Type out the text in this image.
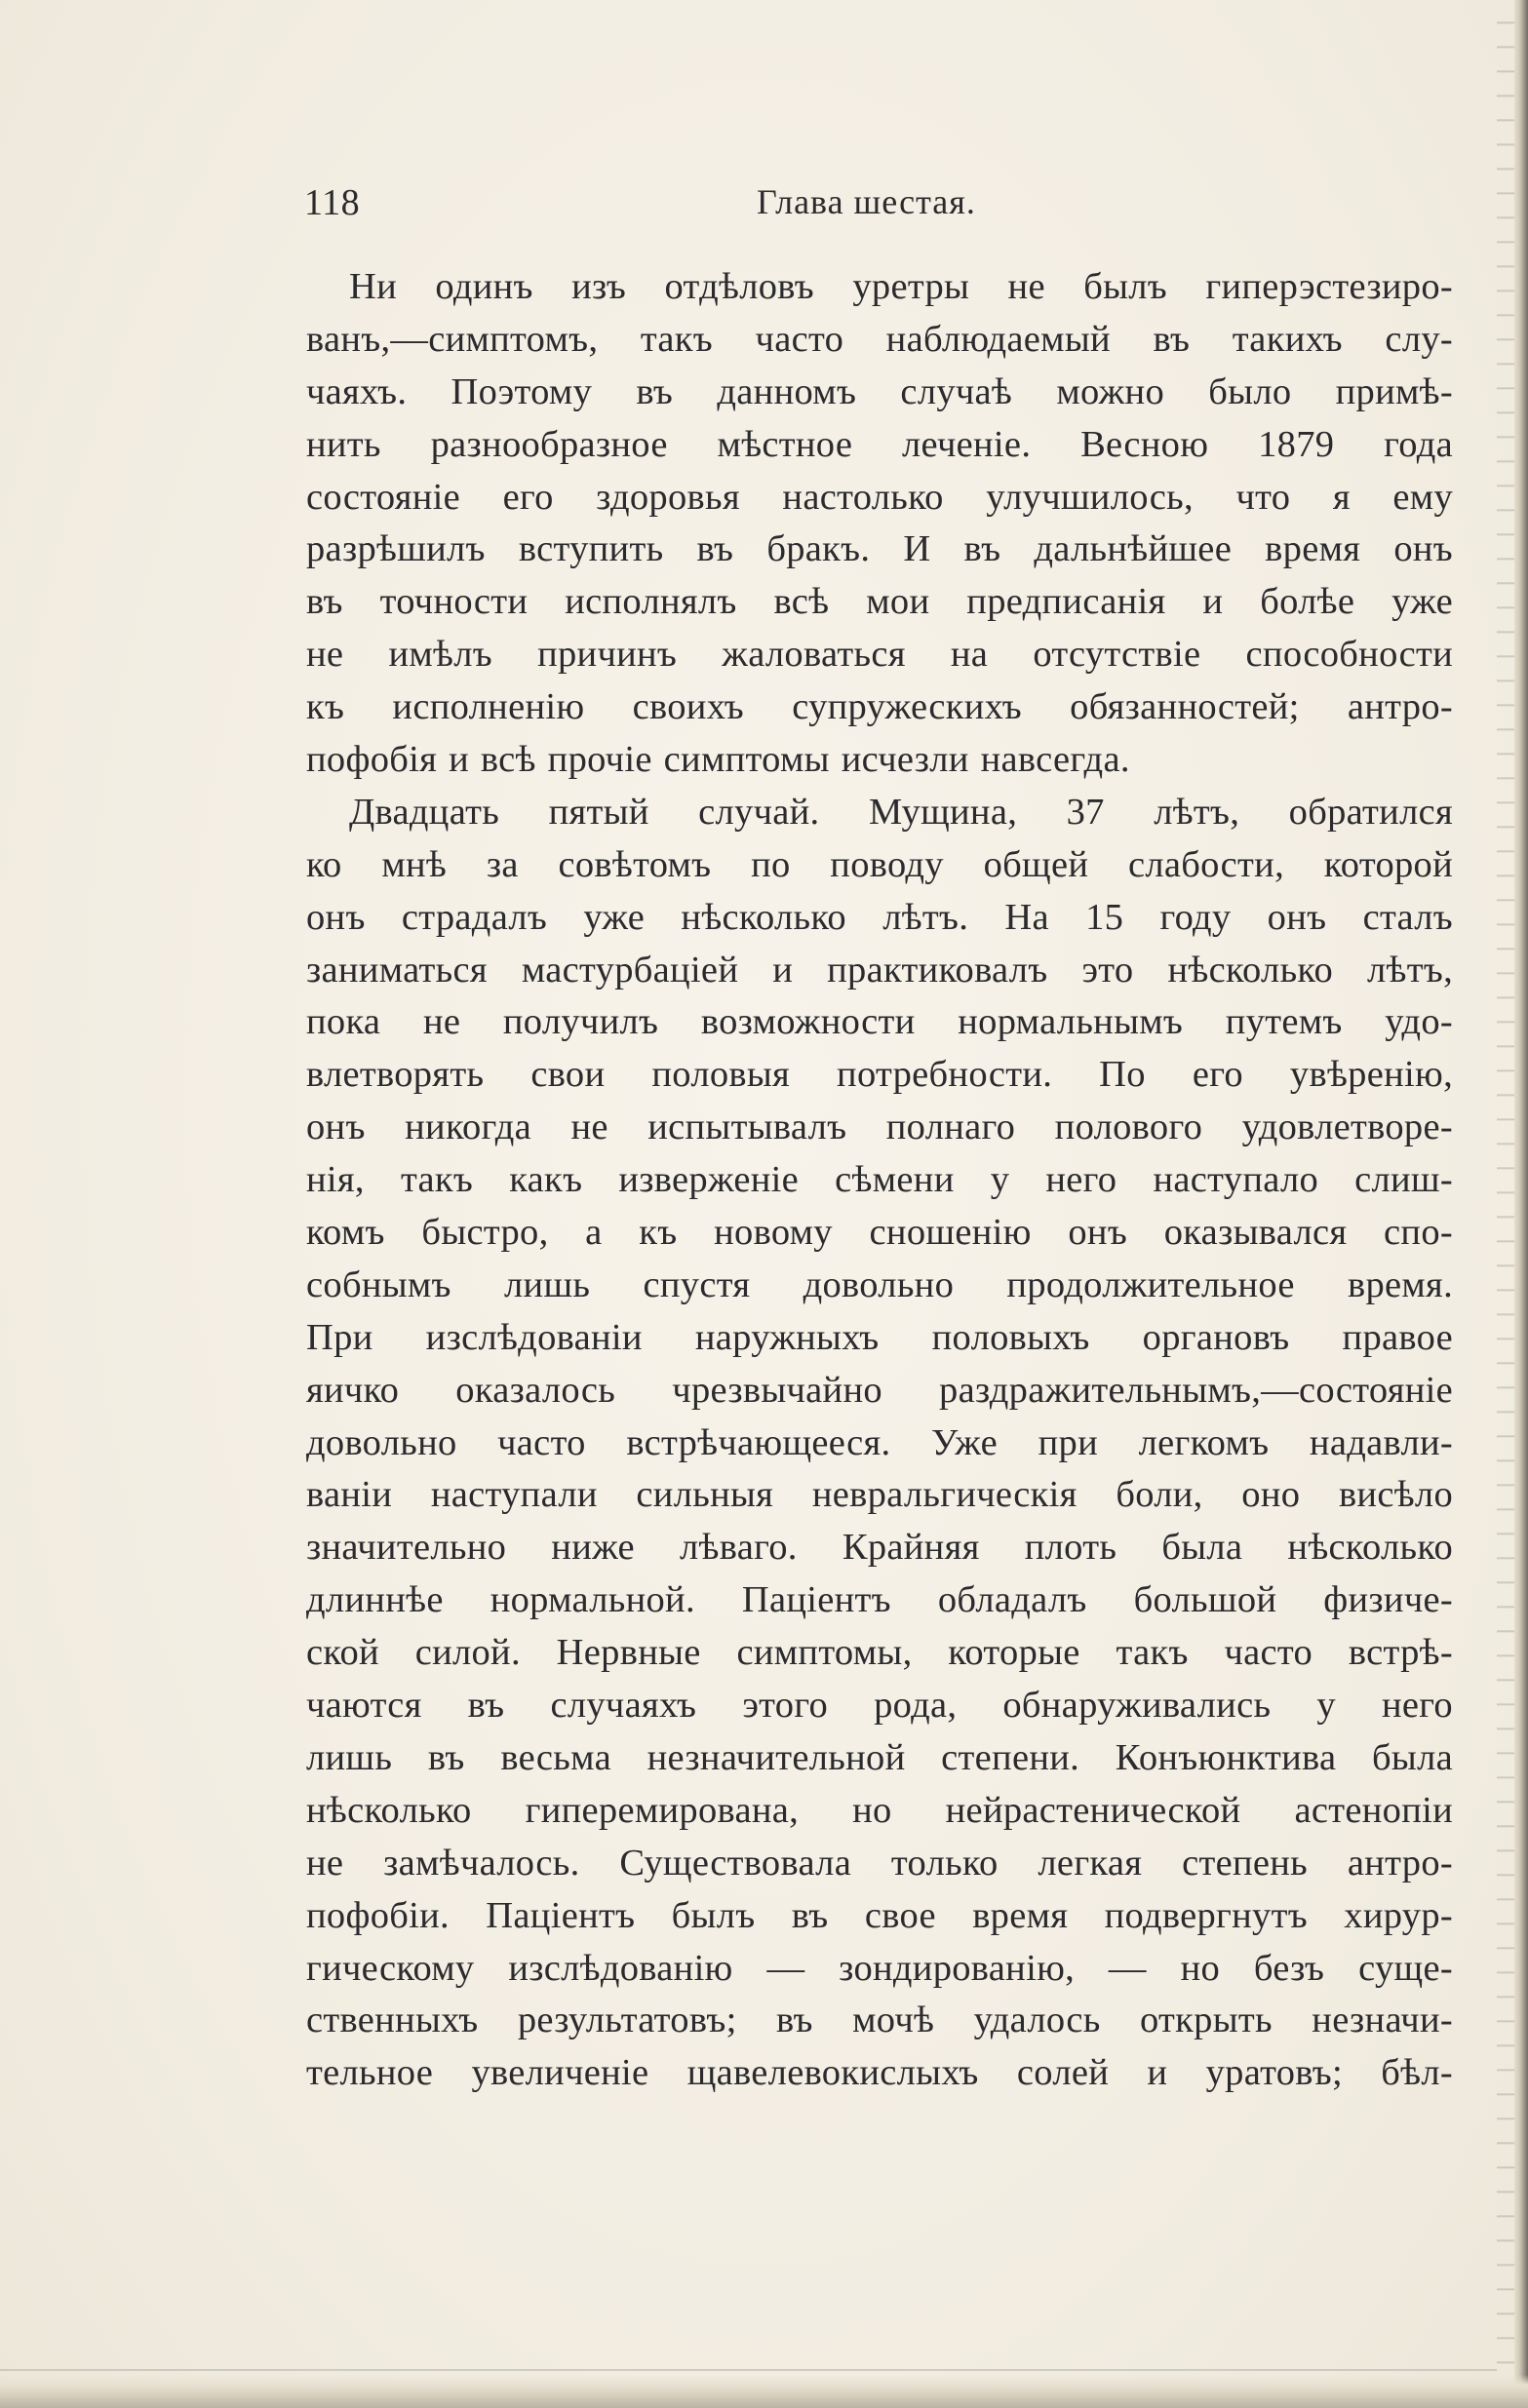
118	Глава шестая.
Ни одинъ изъ отдѣловъ уретры не былъ гиперэстезиро-
ванъ,—симптомъ, такъ часто наблюдаемый въ такихъ слу-
чаяхъ. Поэтому въ данномъ случаѣ можно было примѣ-
нить разнообразное мѣстное леченіе. Весною 1879 года
состояніе его здоровья настолько улучшилось, что я ему
разрѣшилъ вступить въ бракъ. И въ дальнѣйшее время онъ
въ точности исполнялъ всѣ мои предписанія и болѣе уже
не имѣлъ причинъ жаловаться на отсутствіе способности
къ исполненію своихъ супружескихъ обязанностей; антро-
пофобія и всѣ прочіе симптомы исчезли навсегда.
Двадцать пятый случай. Мущина, 37 лѣтъ, обратился
ко мнѣ за совѣтомъ по поводу общей слабости, которой
онъ страдалъ уже нѣсколько лѣтъ. На 15 году онъ сталъ
заниматься мастурбаціей и практиковалъ это нѣсколько лѣтъ,
пока не получилъ возможности нормальнымъ путемъ удо-
влетворять свои половыя потребности. По его увѣренію,
онъ никогда не испытывалъ полнаго полового удовлетворе-
нія, такъ какъ изверженіе сѣмени у него наступало слиш-
комъ быстро, а къ новому сношенію онъ оказывался спо-
собнымъ лишь спустя довольно продолжительное время.
При изслѣдованіи наружныхъ половыхъ органовъ правое
яичко оказалось чрезвычайно раздражительнымъ,—состояніе
довольно часто встрѣчающееся. Уже при легкомъ надавли-
ваніи наступали сильныя невральгическія боли, оно висѣло
значительно ниже лѣваго. Крайняя плоть была нѣсколько
длиннѣе нормальной. Паціентъ обладалъ большой физиче-
ской силой. Нервные симптомы, которые такъ часто встрѣ-
чаются въ случаяхъ этого рода, обнаруживались у него
лишь въ весьма незначительной степени. Конъюнктива была
нѣсколько гиперемирована, но нейрастенической астенопіи
не замѣчалось. Существовала только легкая степень антро-
пофобіи. Паціентъ былъ въ свое время подвергнутъ хирур-
гическому изслѣдованію — зондированію, — но безъ суще-
ственныхъ результатовъ; въ мочѣ удалось открыть незначи-
тельное увеличеніе щавелевокислыхъ солей и уратовъ; бѣл-
